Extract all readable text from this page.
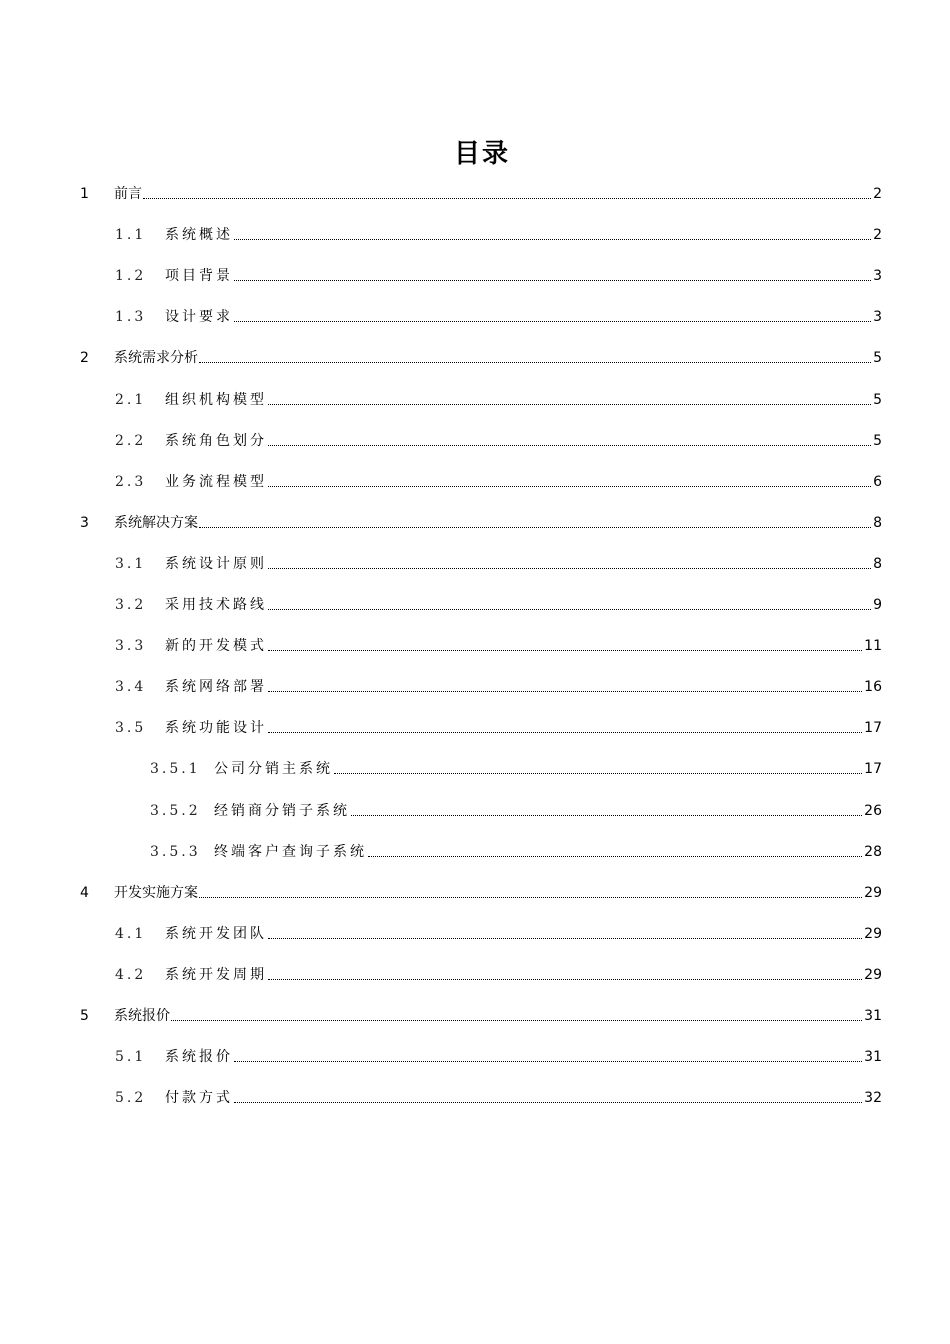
目录
1	前言	2
1.1	系统概述	2
1.2	项目背景	3
1.3	设计要求	3
2	系统需求分析	5
2.1	组织机构模型	5
2.2	系统角色划分	5
2.3	业务流程模型	6
3	系统解决方案	8
3.1	系统设计原则	8
3.2	采用技术路线	9
3.3	新的开发模式	11
3.4	系统网络部署	16
3.5	系统功能设计	17
3.5.1 公司分销主系统	17
3.5.2 经销商分销子系统	26
3.5.3 终端客户查询子系统	28
4	开发实施方案	29
4.1	系统开发团队	29
4.2	系统开发周期	29
5	系统报价	31
5.1	系统报价	31
5.2	付款方式	32
